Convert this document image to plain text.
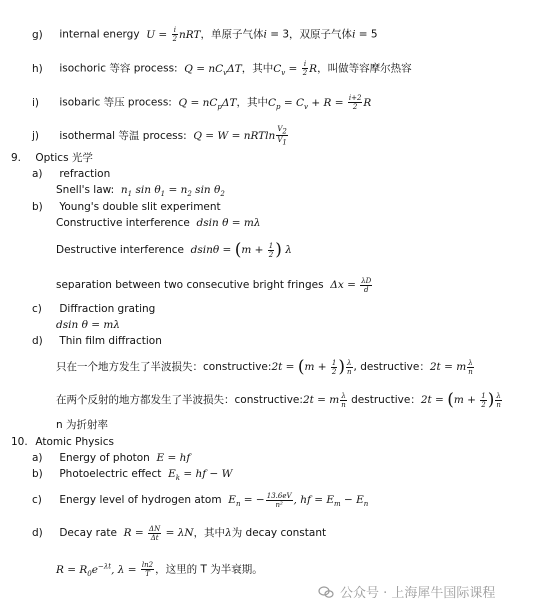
g) internal energy  $U = \frac{i}{2}$ nRT，单原子气体i = 3，双原子气体i = 5
h) isochoric 等容 process:  $Q = nC_v\Delta T$，其中$C_v = \frac{i}{2}$ R，叫做等容摩尔热容
i) isobaric 等压 process:  $Q = nC_p\Delta T$，其中$C_p = C_v + R = \frac{i+2}{2}$ R
j) isothermal 等温 process:  Q = W = nRTln $\frac{V2}{V1}$
9. Optics 光学
a) refraction
Snell's law:  $n_1$ $\sin \theta_1 = n_2$ $\sin \theta_2$
b) Young's double slit experiment
Constructive interference  dsin θ = mλ
Destructive interference  $dsin\theta = (m + \frac{1}{2}$ ) λ
separation between two consecutive bright fringes  $\Delta x = \frac{\lambda D}{d}$
c) Diffraction grating
dsin θ = mλ
d) Thin film diffraction
只在一个地方发生了半波损失：constructive:2t = ($m + \frac{1}{2}$ ) $\frac{\lambda}{n}$ , destructive：2t = m $\frac{\lambda}{n}$
在两个反射的地方都发生了半波损失：constructive:2t = m $\frac{\lambda}{n}$ destructive：$2t = (m + \frac{1}{2}$ ) $\frac{\lambda}{n}$
n 为折射率
10. Atomic Physics
a) Energy of photon  E = hf
b) Photoelectric effect  $E_k$ = hf − W
c) Energy level of hydrogen atom  $E_n$ = − $\frac{13.6eV}{\text{n²}}$ , hf = $E_m - E_n$
d) Decay rate  $R = \frac{\Delta N}{\Delta t} = \lambda N$，其中λ为 decay constant
$R = R_0e^{-\lambda t}$, $\lambda = \frac{\ln 2}{T}$ ，这里的 T 为半衰期。
公众号 · 上海犀牛国际课程
